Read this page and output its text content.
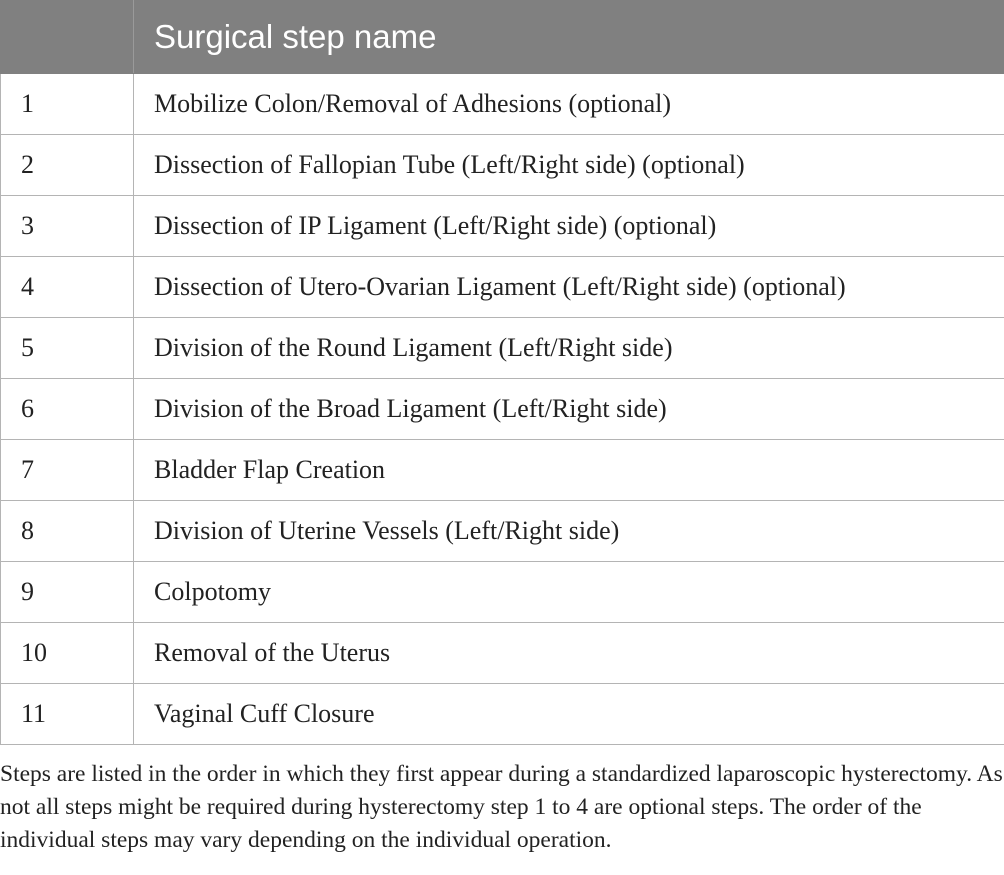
	Surgical step name
1	Mobilize Colon/Removal of Adhesions (optional)
2	Dissection of Fallopian Tube (Left/Right side) (optional)
3	Dissection of IP Ligament (Left/Right side) (optional)
4	Dissection of Utero-Ovarian Ligament (Left/Right side) (optional)
5	Division of the Round Ligament (Left/Right side)
6	Division of the Broad Ligament (Left/Right side)
7	Bladder Flap Creation
8	Division of Uterine Vessels (Left/Right side)
9	Colpotomy
10	Removal of the Uterus
11	Vaginal Cuff Closure

Steps are listed in the order in which they first appear during a standardized laparoscopic hysterectomy. As not all steps might be required during hysterectomy step 1 to 4 are optional steps. The order of the individual steps may vary depending on the individual operation.
